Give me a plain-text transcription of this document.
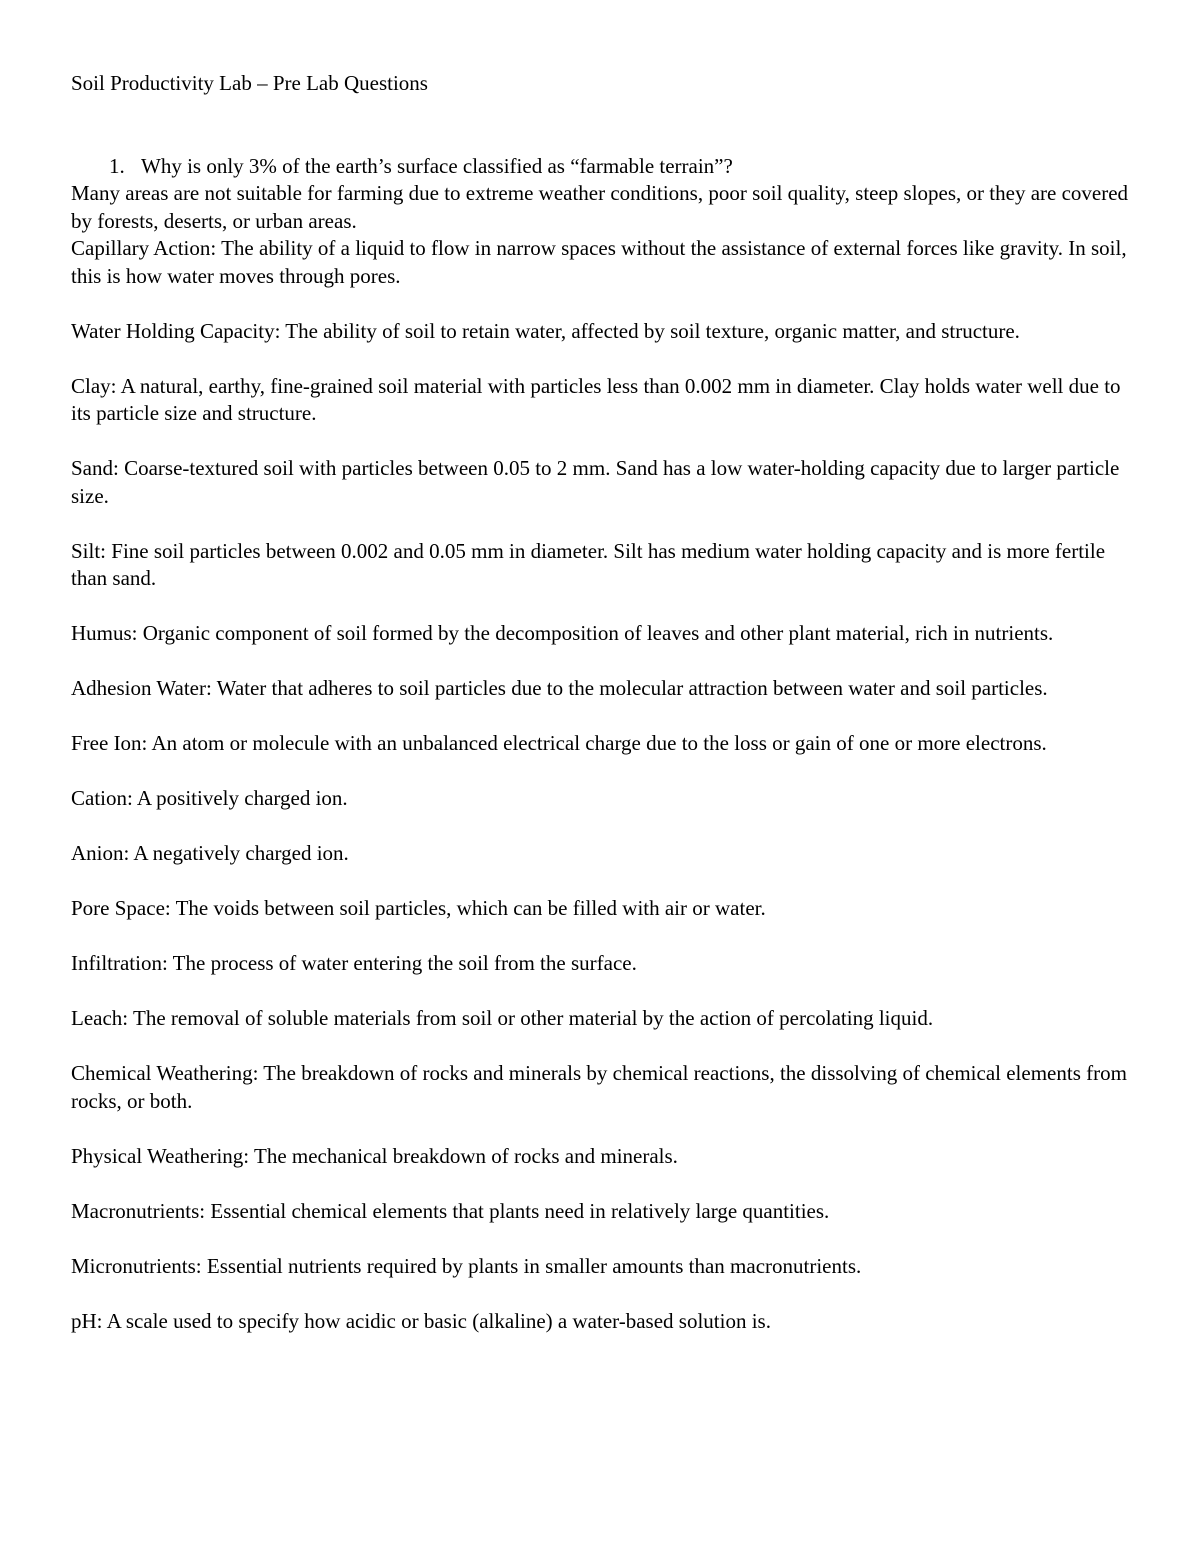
Soil Productivity Lab – Pre Lab Questions
1. Why is only 3% of the earth’s surface classified as “farmable terrain”?

Many areas are not suitable for farming due to extreme weather conditions, poor soil quality, steep slopes, or they are covered by forests, deserts, or urban areas.

Capillary Action: The ability of a liquid to flow in narrow spaces without the assistance of external forces like gravity. In soil, this is how water moves through pores.

Water Holding Capacity: The ability of soil to retain water, affected by soil texture, organic matter, and structure.

Clay: A natural, earthy, fine-grained soil material with particles less than 0.002 mm in diameter. Clay holds water well due to its particle size and structure.

Sand: Coarse-textured soil with particles between 0.05 to 2 mm. Sand has a low water-holding capacity due to larger particle size.

Silt: Fine soil particles between 0.002 and 0.05 mm in diameter. Silt has medium water holding capacity and is more fertile than sand.

Humus: Organic component of soil formed by the decomposition of leaves and other plant material, rich in nutrients.

Adhesion Water: Water that adheres to soil particles due to the molecular attraction between water and soil particles.

Free Ion: An atom or molecule with an unbalanced electrical charge due to the loss or gain of one or more electrons.

Cation: A positively charged ion.

Anion: A negatively charged ion.

Pore Space: The voids between soil particles, which can be filled with air or water.

Infiltration: The process of water entering the soil from the surface.

Leach: The removal of soluble materials from soil or other material by the action of percolating liquid.

Chemical Weathering: The breakdown of rocks and minerals by chemical reactions, the dissolving of chemical elements from rocks, or both.

Physical Weathering: The mechanical breakdown of rocks and minerals.

Macronutrients: Essential chemical elements that plants need in relatively large quantities.

Micronutrients: Essential nutrients required by plants in smaller amounts than macronutrients.

pH: A scale used to specify how acidic or basic (alkaline) a water-based solution is.
